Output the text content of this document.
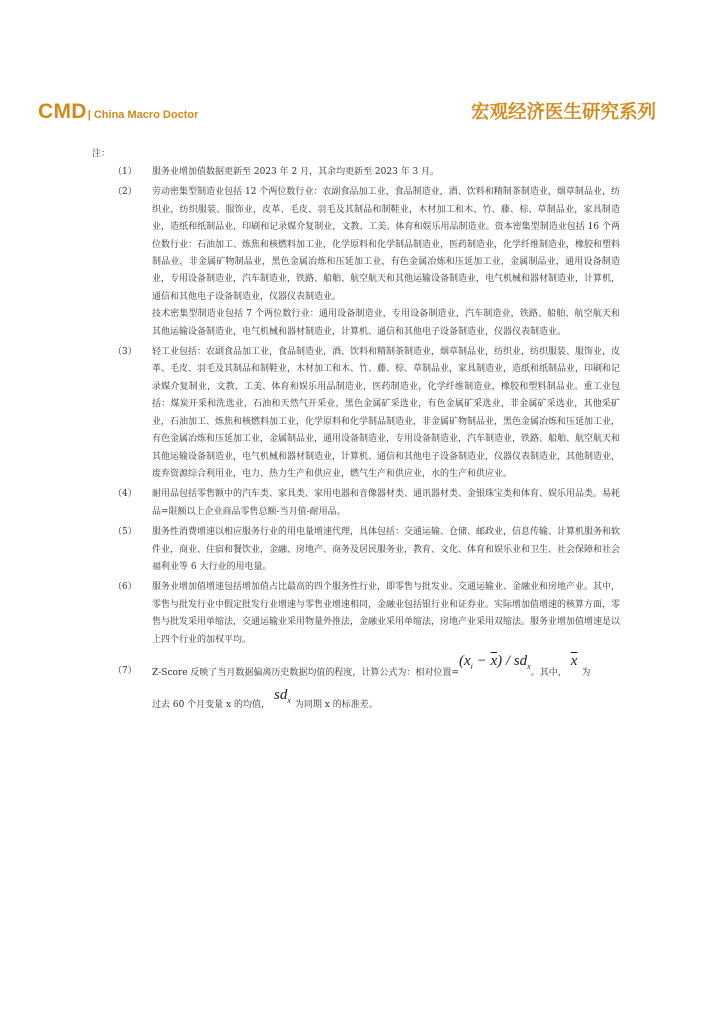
CMD| China Macro Doctor	宏观经济医生研究系列
注：
（1）	服务业增加值数据更新至 2023 年 2 月，其余均更新至 2023 年 3 月。

（2）	劳动密集型制造业包括 12 个两位数行业：农副食品加工业，食品制造业，酒、饮料和精制茶制造业，烟草制品业，纺织业，纺织服装、服饰业，皮革、毛皮、羽毛及其制品和制鞋业，木材加工和木、竹、藤、棕、草制品业，家具制造业，造纸和纸制品业，印刷和记录媒介复制业，文教、工美、体育和娱乐用品制造业。资本密集型制造业包括 16 个两位数行业：石油加工、炼焦和核燃料加工业，化学原料和化学制品制造业，医药制造业，化学纤维制造业，橡胶和塑料制品业，非金属矿物制品业，黑色金属冶炼和压延加工业，有色金属冶炼和压延加工业，金属制品业，通用设备制造业，专用设备制造业，汽车制造业，铁路、船舶、航空航天和其他运输设备制造业，电气机械和器材制造业，计算机，通信和其他电子设备制造业，仪器仪表制造业。

技术密集型制造业包括 7 个两位数行业：通用设备制造业，专用设备制造业，汽车制造业，铁路、船舶、航空航天和其他运输设备制造业，电气机械和器材制造业，计算机、通信和其他电子设备制造业，仪器仪表制造业。

（3）	轻工业包括：农副食品加工业，食品制造业，酒、饮料和精制茶制造业，烟草制品业，纺织业，纺织服装、服饰业，皮革、毛皮、羽毛及其制品和制鞋业，木材加工和木、竹、藤、棕、草制品业，家具制造业，造纸和纸制品业，印刷和记录媒介复制业，文教、工美、体育和娱乐用品制造业，医药制造业，化学纤维制造业，橡胶和塑料制品业。重工业包括：煤炭开采和洗选业，石油和天然气开采业，黑色金属矿采选业，有色金属矿采选业，非金属矿采选业，其他采矿业，石油加工、炼焦和核燃料加工业，化学原料和化学制品制造业，非金属矿物制品业，黑色金属冶炼和压延加工业，有色金属冶炼和压延加工业，金属制品业，通用设备制造业，专用设备制造业，汽车制造业，铁路、船舶、航空航天和其他运输设备制造业，电气机械和器材制造业，计算机、通信和其他电子设备制造业，仪器仪表制造业，其他制造业，废弃资源综合利用业，电力、热力生产和供应业，燃气生产和供应业，水的生产和供应业。

（4）	耐用品包括零售额中的汽车类、家具类、家用电器和音像器材类、通讯器材类、金银珠宝类和体育、娱乐用品类。易耗品=限额以上企业商品零售总额-当月值-耐用品。

（5）	服务性消费增速以相应服务行业的用电量增速代理，具体包括：交通运输、仓储、邮政业，信息传输、计算机服务和软件业，商业、住宿和餐饮业，金融、房地产、商务及居民服务业，教育、文化、体育和娱乐业和卫生、社会保障和社会福利业等 6 大行业的用电量。

（6）	服务业增加值增速包括增加值占比最高的四个服务性行业，即零售与批发业、交通运输业、金融业和房地产业。其中，零售与批发行业中假定批发行业增速与零售业增速相同，金融业包括银行业和证券业。实际增加值增速的核算方面，零售与批发采用单缩法，交通运输业采用物量外推法，金融业采用单缩法，房地产业采用双缩法。服务业增加值增速是以上四个行业的加权平均。

（7）	Z-Score 反映了当月数据偏离历史数据均值的程度，计算公式为：相对位置$=(x_i - \overline{x}) / sd_x$。其中，$\overline{x}$为

过去 60 个月变量 x 的均值，$sd_x$ 为同期 x 的标准差。
